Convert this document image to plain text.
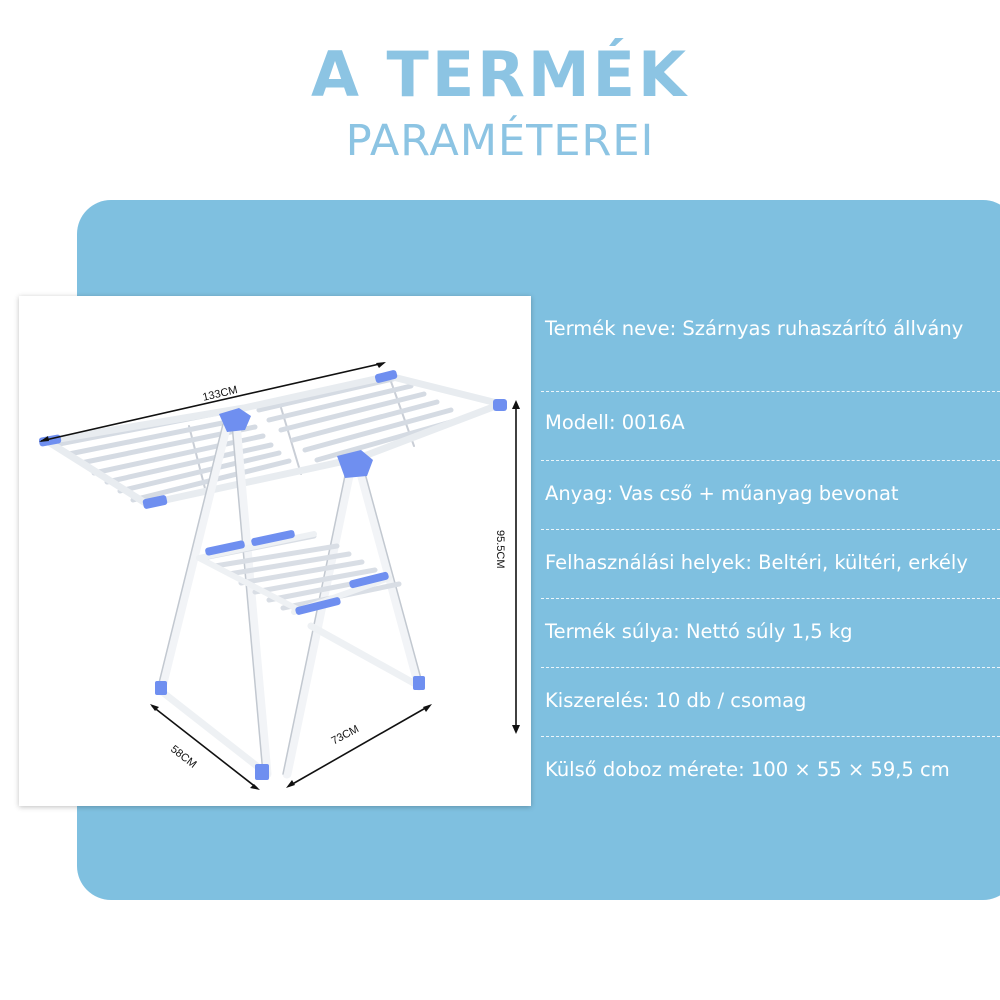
A TERMÉK
PARAMÉTEREI
133CM
95.5CM
58CM
73CM
Termék neve: Szárnyas ruhaszárító állvány
Modell: 0016A
Anyag: Vas cső + műanyag bevonat
Felhasználási helyek: Beltéri, kültéri, erkély
Termék súlya: Nettó súly 1,5 kg
Kiszerelés: 10 db / csomag
Külső doboz mérete: 100 × 55 × 59,5 cm
